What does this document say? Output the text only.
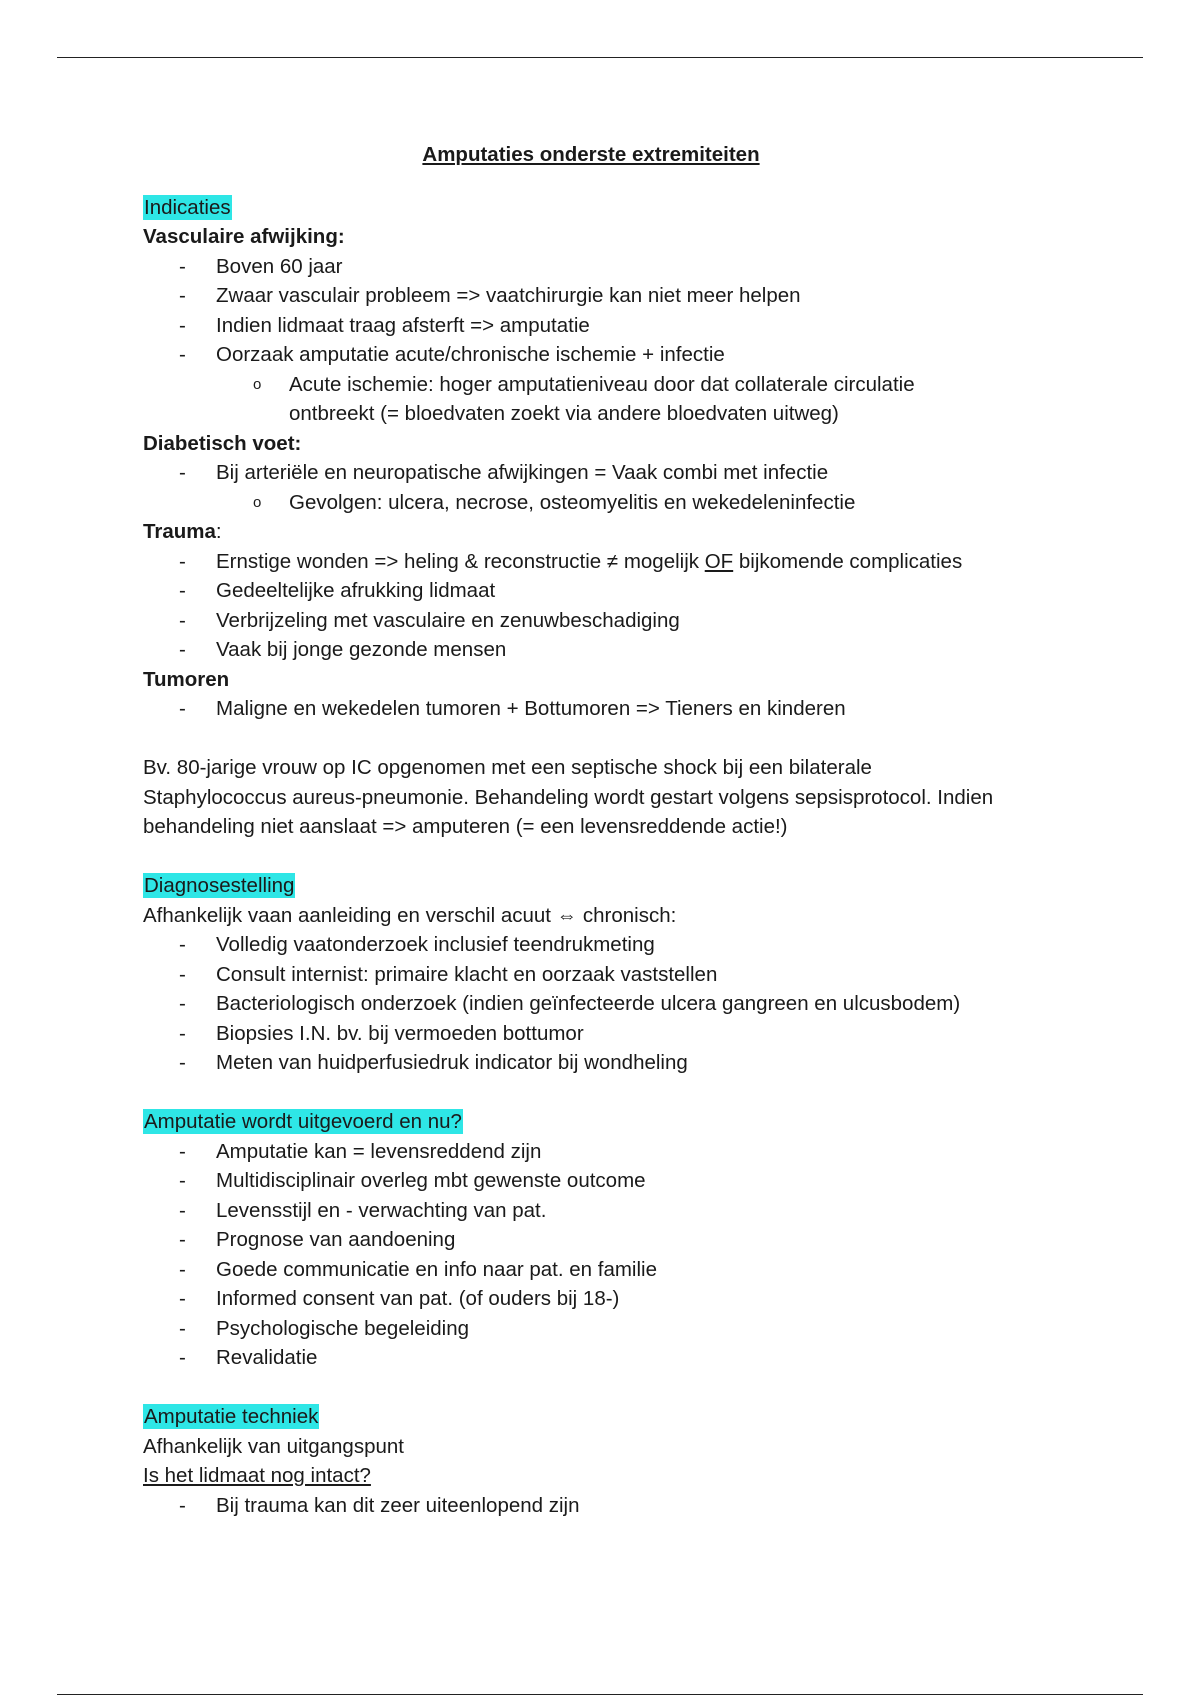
Amputaties onderste extremiteiten
Indicaties
Vasculaire afwijking:
- Boven 60 jaar
- Zwaar vasculair probleem => vaatchirurgie kan niet meer helpen
- Indien lidmaat traag afsterft => amputatie
- Oorzaak amputatie acute/chronische ischemie + infectie
o Acute ischemie: hoger amputatieniveau door dat collaterale circulatie
ontbreekt (= bloedvaten zoekt via andere bloedvaten uitweg)
Diabetisch voet:
- Bij arteriële en neuropatische afwijkingen = Vaak combi met infectie
o Gevolgen: ulcera, necrose, osteomyelitis en wekedeleninfectie
Trauma:
- Ernstige wonden => heling & reconstructie ≠ mogelijk OF bijkomende complicaties
- Gedeeltelijke afrukking lidmaat
- Verbrijzeling met vasculaire en zenuwbeschadiging
- Vaak bij jonge gezonde mensen
Tumoren
- Maligne en wekedelen tumoren + Bottumoren => Tieners en kinderen
Bv. 80-jarige vrouw op IC opgenomen met een septische shock bij een bilaterale
Staphylococcus aureus-pneumonie. Behandeling wordt gestart volgens sepsisprotocol. Indien
behandeling niet aanslaat => amputeren (= een levensreddende actie!)
Diagnosestelling
Afhankelijk vaan aanleiding en verschil acuut ⇔ chronisch:
- Volledig vaatonderzoek inclusief teendrukmeting
- Consult internist: primaire klacht en oorzaak vaststellen
- Bacteriologisch onderzoek (indien geïnfecteerde ulcera gangreen en ulcusbodem)
- Biopsies I.N. bv. bij vermoeden bottumor
- Meten van huidperfusiedruk indicator bij wondheling
Amputatie wordt uitgevoerd en nu?
- Amputatie kan = levensreddend zijn
- Multidisciplinair overleg mbt gewenste outcome
- Levensstijl en - verwachting van pat.
- Prognose van aandoening
- Goede communicatie en info naar pat. en familie
- Informed consent van pat. (of ouders bij 18-)
- Psychologische begeleiding
- Revalidatie
Amputatie techniek
Afhankelijk van uitgangspunt
Is het lidmaat nog intact?
- Bij trauma kan dit zeer uiteenlopend zijn
